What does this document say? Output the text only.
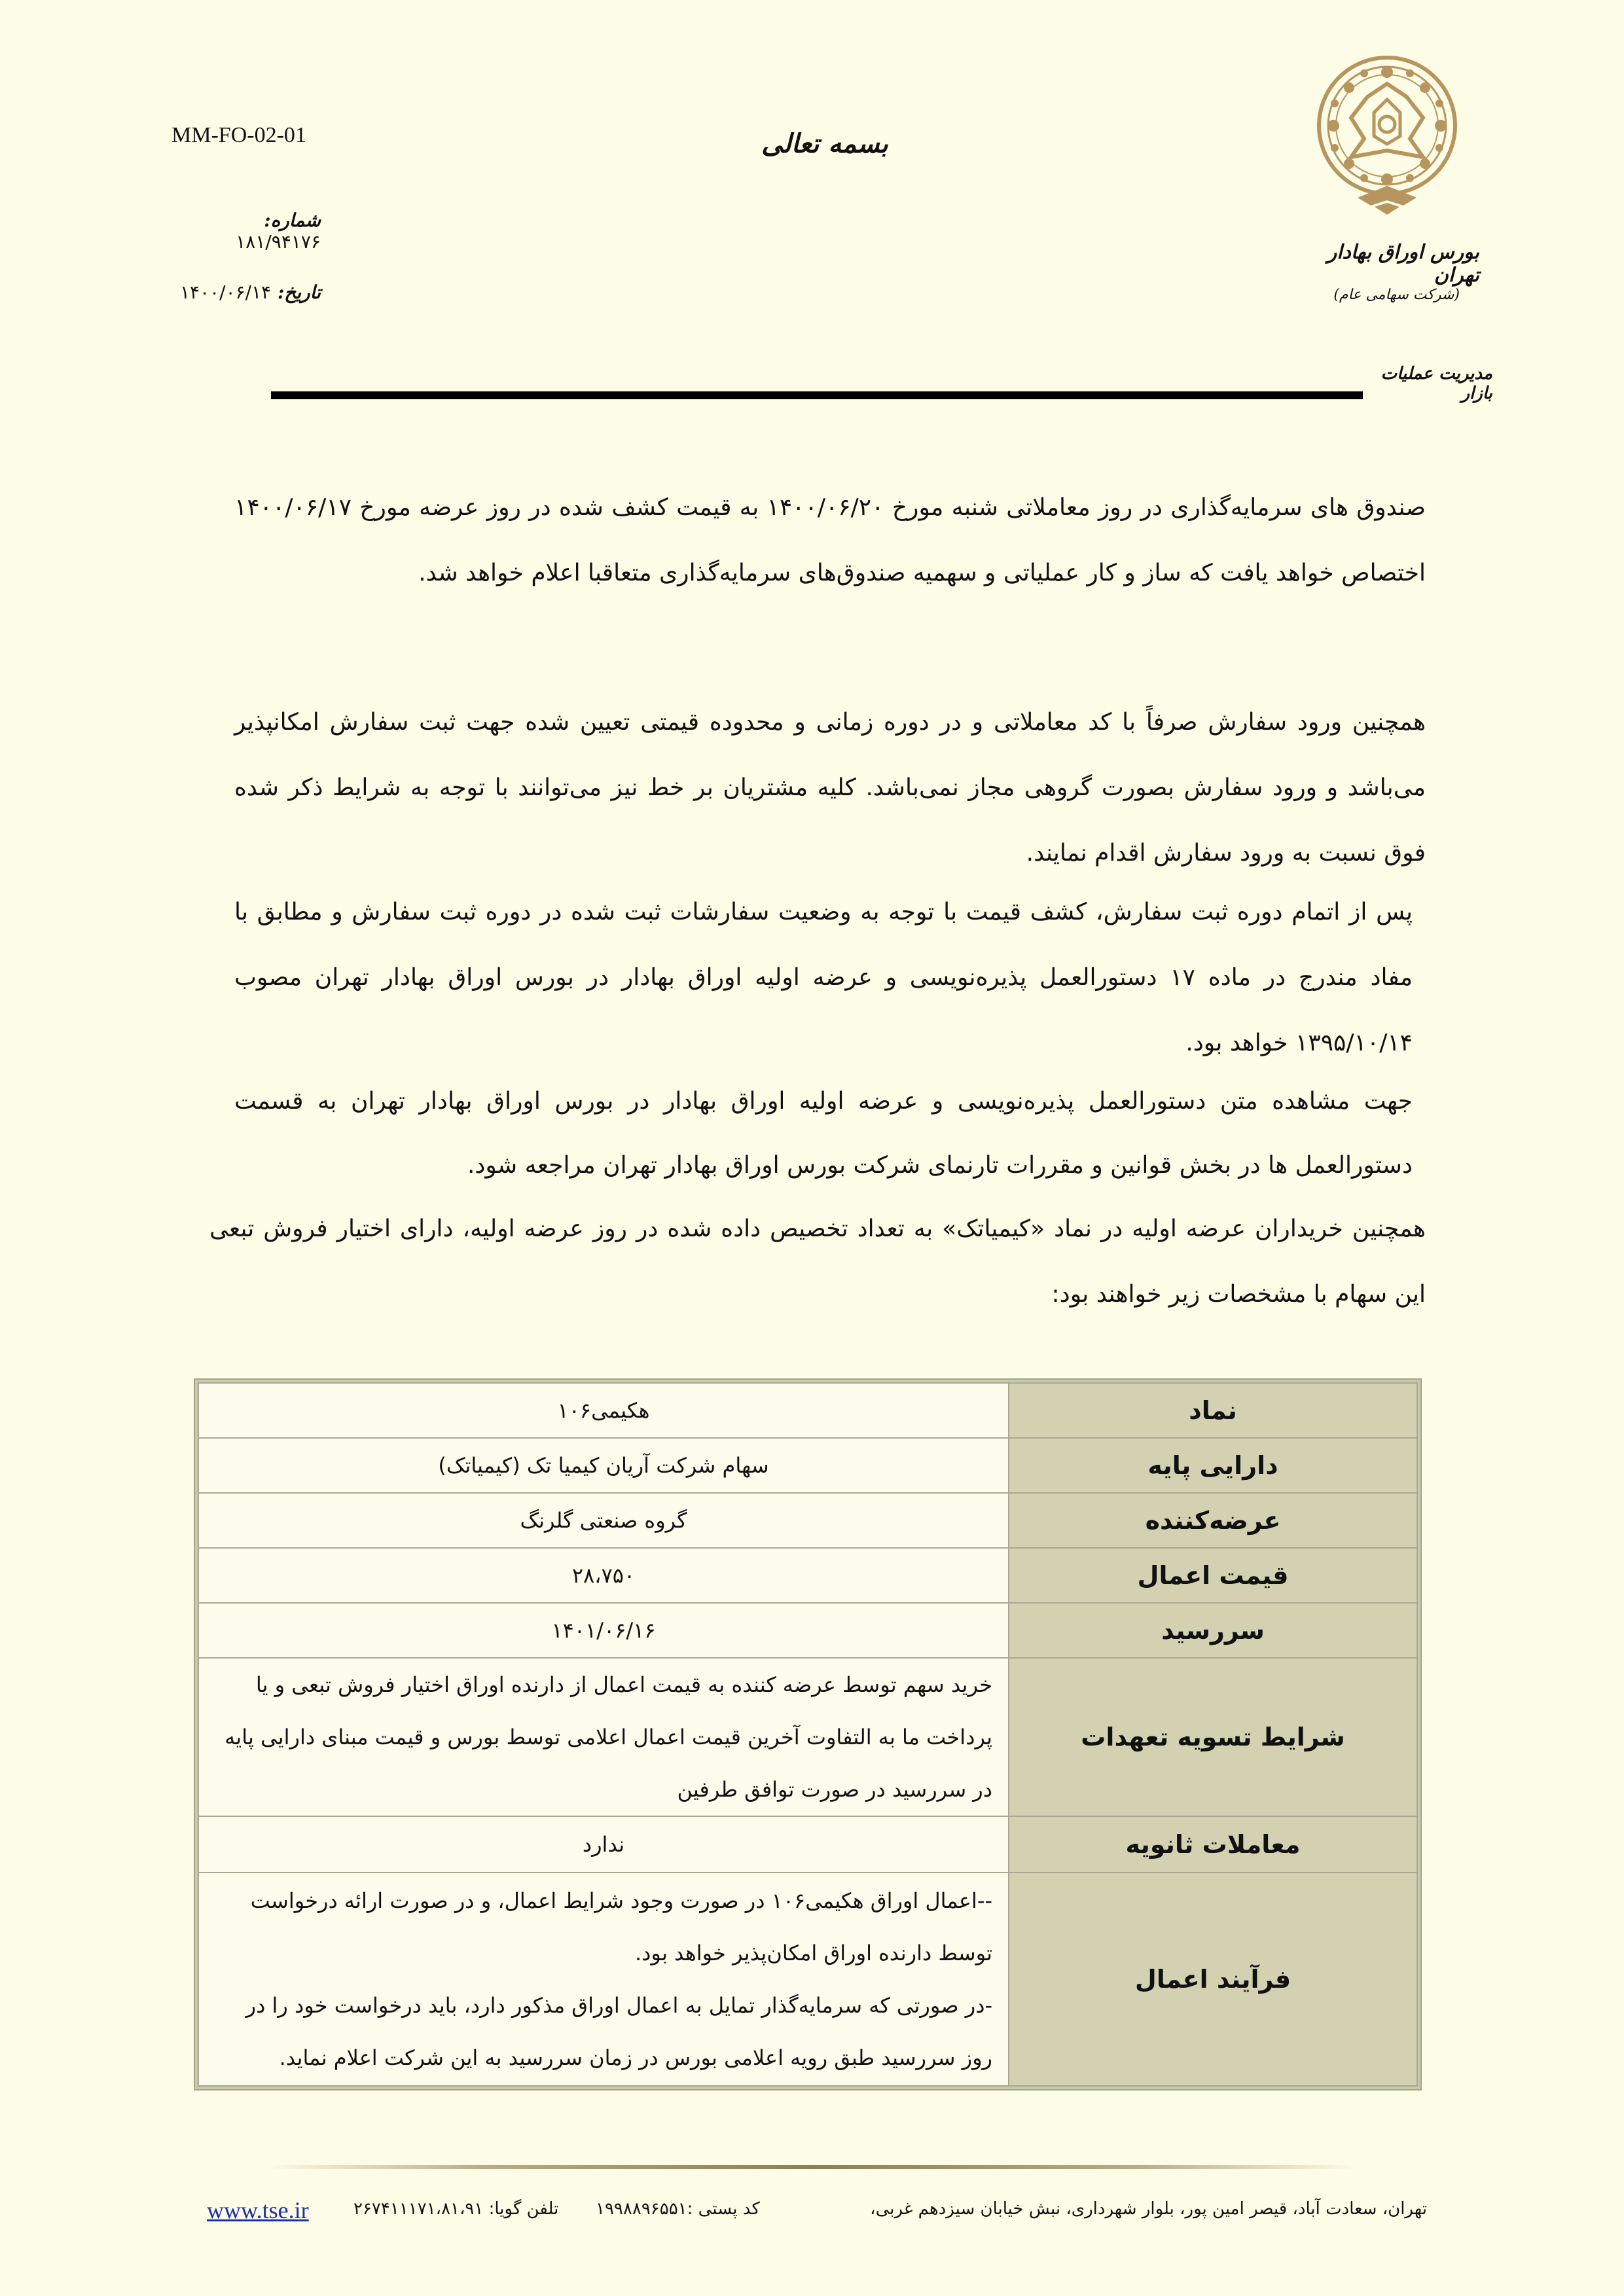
MM-FO-02-01
شماره: ۱۸۱/۹۴۱۷۶
تاریخ: ۱۴۰۰/۰۶/۱۴
بسمه تعالی
بورس اوراق بهادار تهران
(شرکت سهامی عام)
مدیریت عملیات بازار

صندوق های سرمایه‌گذاری در روز معاملاتی شنبه مورخ ۱۴۰۰/۰۶/۲۰ به قیمت کشف شده در روز عرضه مورخ ۱۴۰۰/۰۶/۱۷ اختصاص خواهد یافت که ساز و کار عملیاتی و سهمیه صندوق‌های سرمایه‌گذاری متعاقبا اعلام خواهد شد.

همچنین ورود سفارش صرفاً با کد معاملاتی و در دوره زمانی و محدوده قیمتی تعیین شده جهت ثبت سفارش امکانپذیر می‌باشد و ورود سفارش بصورت گروهی مجاز نمی‌باشد. کلیه مشتریان بر خط نیز می‌توانند با توجه به شرایط ذکر شده فوق نسبت به ورود سفارش اقدام نمایند.

پس از اتمام دوره ثبت سفارش، کشف قیمت با توجه به وضعیت سفارشات ثبت شده در دوره ثبت سفارش و مطابق با مفاد مندرج در ماده ۱۷ دستورالعمل پذیره‌نویسی و عرضه اولیه اوراق بهادار در بورس اوراق بهادار تهران مصوب ۱۳۹۵/۱۰/۱۴ خواهد بود.

جهت مشاهده متن دستورالعمل پذیره‌نویسی و عرضه اولیه اوراق بهادار در بورس اوراق بهادار تهران به قسمت دستورالعمل ها در بخش قوانین و مقررات تارنمای شرکت بورس اوراق بهادار تهران مراجعه شود.

همچنین خریداران عرضه اولیه در نماد «کیمیاتک» به تعداد تخصیص داده شده در روز عرضه اولیه، دارای اختیار فروش تبعی این سهام با مشخصات زیر خواهند بود:

نماد	هکیمی۱۰۶
دارایی پایه	سهام شرکت آریان کیمیا تک (کیمیاتک)
عرضه‌کننده	گروه صنعتی گلرنگ
قیمت اعمال	۲۸،۷۵۰
سررسید	۱۴۰۱/۰۶/۱۶
شرایط تسویه تعهدات	خرید سهم توسط عرضه کننده به قیمت اعمال از دارنده اوراق اختیار فروش تبعی و یا پرداخت ما به التفاوت آخرین قیمت اعمال اعلامی توسط بورس و قیمت مبنای دارایی پایه در سررسید در صورت توافق طرفین
معاملات ثانویه	ندارد
فرآیند اعمال	--اعمال اوراق هکیمی۱۰۶ در صورت وجود شرایط اعمال، و در صورت ارائه درخواست توسط دارنده اوراق امکان‌پذیر خواهد بود.
-در صورتی که سرمایه‌گذار تمایل به اعمال اوراق مذکور دارد، باید درخواست خود را در روز سررسید طبق رویه اعلامی بورس در زمان سررسید به این شرکت اعلام نماید.
www.tse.ir	تلفن گویا: ۲۶۷۴۱۱۱۷۱،۸۱،۹۱ کد پستی :۱۹۹۸۸۹۶۵۵۱	تهران، سعادت آباد، قیصر امین پور، بلوار شهرداری، نبش خیابان سیزدهم غربی،
